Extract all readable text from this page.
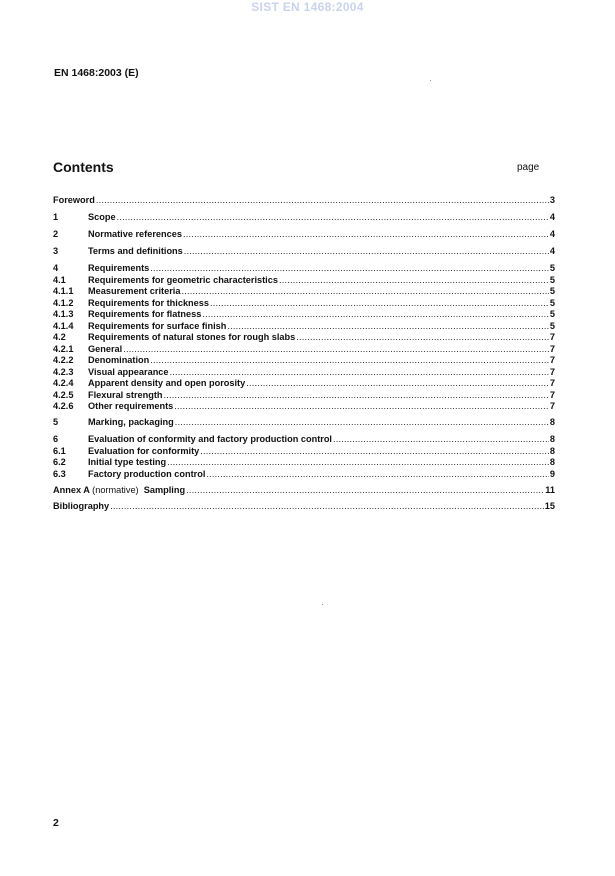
SIST EN 1468:2004
EN 1468:2003 (E)
Contents	page
Foreword .....	3
1	Scope .....	4
2	Normative references .....	4
3	Terms and definitions .....	4
4	Requirements .....	5
4.1	Requirements for geometric characteristics .....	5
4.1.1	Measurement criteria .....	5
4.1.2	Requirements for thickness .....	5
4.1.3	Requirements for flatness .....	5
4.1.4	Requirements for surface finish .....	5
4.2	Requirements of natural stones for rough slabs .....	7
4.2.1	General .....	7
4.2.2	Denomination .....	7
4.2.3	Visual appearance .....	7
4.2.4	Apparent density and open porosity .....	7
4.2.5	Flexural strength .....	7
4.2.6	Other requirements .....	7
5	Marking, packaging .....	8
6	Evaluation of conformity and factory production control .....	8
6.1	Evaluation for conformity .....	8
6.2	Initial type testing .....	8
6.3	Factory production control .....	9
Annex A (normative) Sampling .....	11
Bibliography .....	15
2
